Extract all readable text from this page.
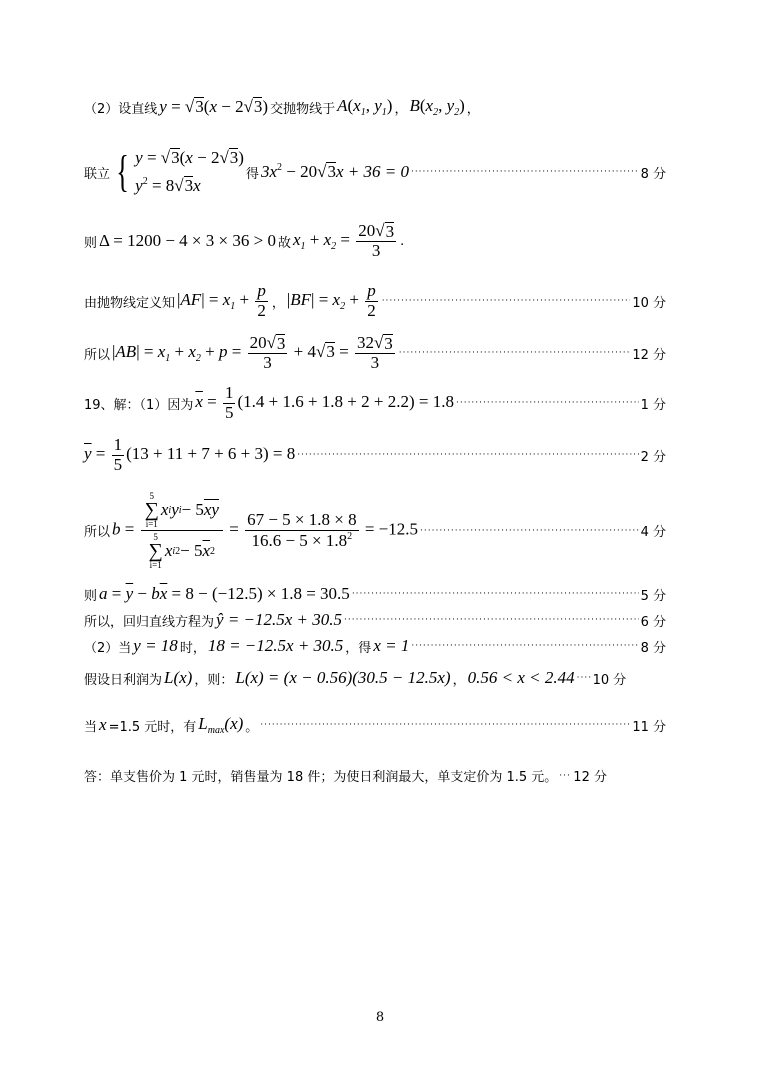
（2）设直线 y = √ 3 (x − 2 √ 3 ) 交抛物线于 $A(x_1$, $y_1$) ， $B(x_2$, $y_2$) ，
联立 { y = √ 3 (x − 2 √ 3 )
$y^2 = 8$ √ 3 x
得 $3x^2 - 20$ √ 3 x + 36 = 0 ·····	8 分
则 Δ = 1200 − 4 × 3 × 36 > 0 故 $x_1 + x_2 = \frac{20 √ 3}{3}$ .
由抛物线定义知 $|AF| = x_1 + \frac{p}{2}$ ， $|BF| = x_2 + \frac{p}{2}$ ·····	10 分
所以 $|AB| = x_1 + x_2 + p = \frac{20 √ 3}{3} + 4$ √ $3 = \frac{32 √ 3}{3}$ ·····	12 分
19、解：（1）因为 $\overline{x} = \frac{1}{5} (1.4 + 1.6 + 1.8 + 2 + 2.2) = 1.8$ ·····	1 分
$\overline{y} = \frac{1}{5} (13 + 11 + 7 + 6 + 3) = 8$ ·····	2 分
所以 b = 5
∑
i=1
x i y i − 5 $\overline{x}$ $\overline{y}$
5
∑
i=1
x i 2 − 5 $\overline{x}$ $2 = \frac{67 - 5 \times 1.8 \times 8}{16.6 - 5 \times 1.8^2} = -12.5$ ·····	4 分
则 $a = \overline{y} - b\overline{x} = 8 - (-12.5) \times 1.8 = 30.5$ ·····	5 分
所以，回归直线方程为 ŷ = −12.5x + 30.5 ·····	6 分
（2）当 y = 18 时， 18 = −12.5x + 30.5 ，得 x = 1 ·····	8 分
假设日利润为 L(x) ，则： L(x) = (x − 0.56)(30.5 − 12.5x) ， 0.56 < x < 2.44 ····· 10 分
当 x =1.5 元时，有 $L_{max}(x)$ 。 ·····	11 分
答：单支售价为 1 元时，销售量为 18 件；为使日利润最大，单支定价为 1.5 元。 ····· 12 分
8
